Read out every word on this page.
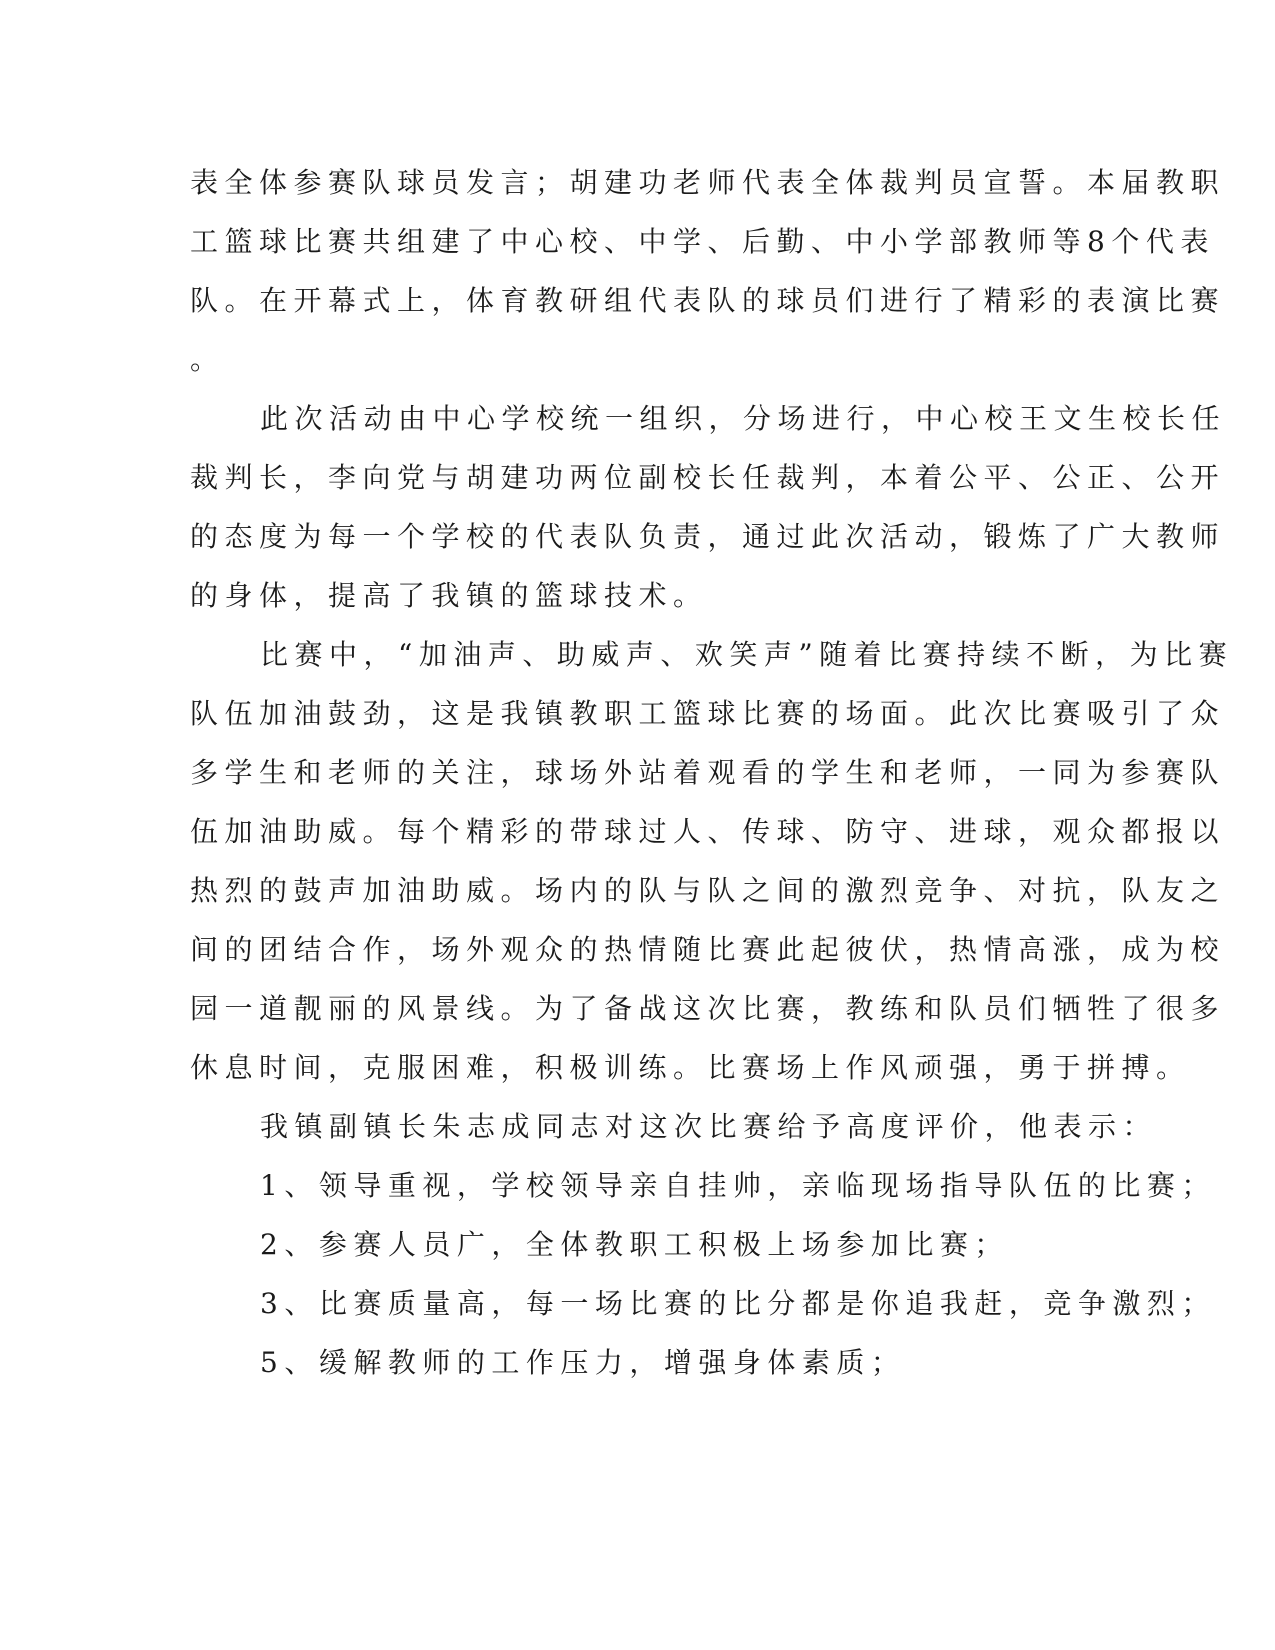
表全体参赛队球员发言；胡建功老师代表全体裁判员宣誓。本届教职
工篮球比赛共组建了中心校、中学、后勤、中小学部教师等8个代表
队。在开幕式上，体育教研组代表队的球员们进行了精彩的表演比赛
。
此次活动由中心学校统一组织，分场进行，中心校王文生校长任
裁判长，李向党与胡建功两位副校长任裁判，本着公平、公正、公开
的态度为每一个学校的代表队负责，通过此次活动，锻炼了广大教师
的身体，提高了我镇的篮球技术。
比赛中，“加油声、助威声、欢笑声”随着比赛持续不断，为比赛
队伍加油鼓劲，这是我镇教职工篮球比赛的场面。此次比赛吸引了众
多学生和老师的关注，球场外站着观看的学生和老师，一同为参赛队
伍加油助威。每个精彩的带球过人、传球、防守、进球，观众都报以
热烈的鼓声加油助威。场内的队与队之间的激烈竞争、对抗，队友之
间的团结合作，场外观众的热情随比赛此起彼伏，热情高涨，成为校
园一道靓丽的风景线。为了备战这次比赛，教练和队员们牺牲了很多
休息时间，克服困难，积极训练。比赛场上作风顽强，勇于拼搏。
我镇副镇长朱志成同志对这次比赛给予高度评价，他表示：
1、领导重视，学校领导亲自挂帅，亲临现场指导队伍的比赛；
2、参赛人员广，全体教职工积极上场参加比赛；
3、比赛质量高，每一场比赛的比分都是你追我赶，竞争激烈；
5、缓解教师的工作压力，增强身体素质；
